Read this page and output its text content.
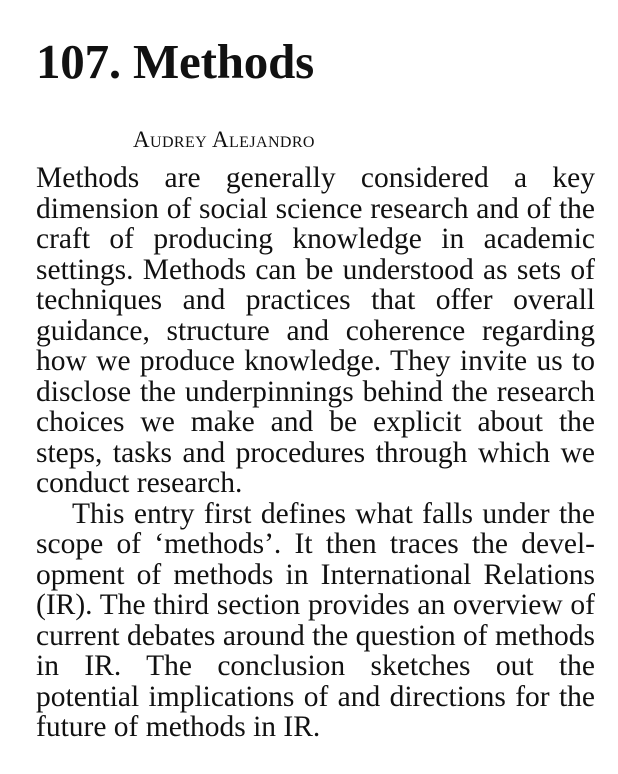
107. Methods
Audrey Alejandro

Methods are generally considered a key dimension of social science research and of the craft of producing knowledge in academic settings. Methods can be understood as sets of techniques and practices that offer overall guidance, structure and coherence regarding how we produce knowledge. They invite us to disclose the underpinnings behind the research choices we make and be explicit about the steps, tasks and procedures through which we conduct research.

This entry first defines what falls under the scope of ‘methods’. It then traces the development of methods in International Relations (IR). The third section provides an overview of current debates around the question of methods in IR. The conclusion sketches out the potential implications of and directions for the future of methods in IR.
